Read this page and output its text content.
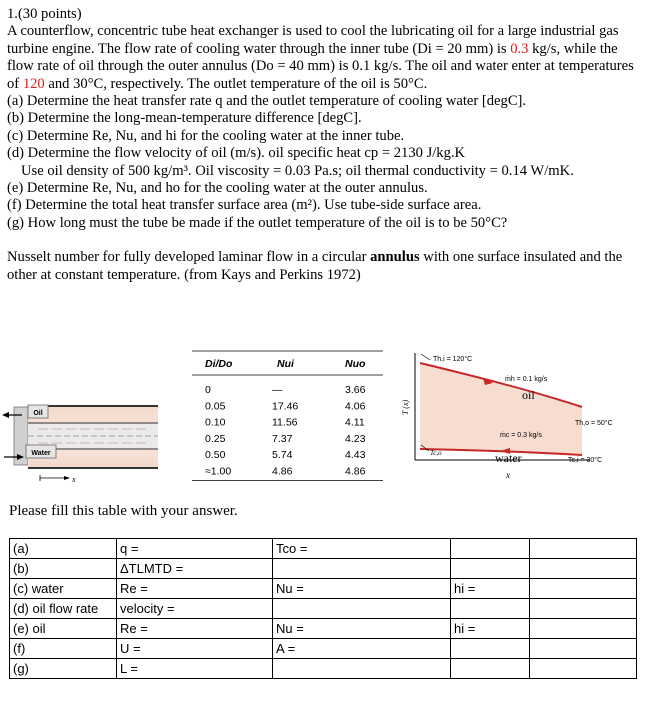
1.(30 points)

A counterflow, concentric tube heat exchanger is used to cool the lubricating oil for a large industrial gas turbine engine. The flow rate of cooling water through the inner tube (Di = 20 mm) is 0.3 kg/s, while the flow rate of oil through the outer annulus (Do = 40 mm) is 0.1 kg/s. The oil and water enter at temperatures of 120 and 30°C, respectively. The outlet temperature of the oil is 50°C.

(a) Determine the heat transfer rate q and the outlet temperature of cooling water [degC].

(b) Determine the long-mean-temperature difference [degC].

(c) Determine Re, Nu, and hi for the cooling water at the inner tube.

(d) Determine the flow velocity of oil (m/s). oil specific heat cp = 2130 J/kg.K

Use oil density of 500 kg/m³. Oil viscosity = 0.03 Pa.s; oil thermal conductivity = 0.14 W/mK.

(e) Determine Re, Nu, and ho for the cooling water at the outer annulus.

(f) Determine the total heat transfer surface area (m²). Use tube-side surface area.

(g) How long must the tube be made if the outlet temperature of the oil is to be 50°C?

Nusselt number for fully developed laminar flow in a circular annulus with one surface insulated and the other at constant temperature. (from Kays and Perkins 1972)

Oil
Water
x
Di/Do	Nui	Nuo
0	—	3.66
0.05	17.46	4.06
0.10	11.56	4.11
0.25	7.37	4.23
0.50	5.74	4.43
≈1.00	4.86	4.86
T (x)
Th,i = 120°C
ṁh = 0.1 kg/s
oil
Th,o = 50°C
ṁc = 0.3 kg/s
Tc,o	water	Tc,i = 30°C
x
Please fill this table with your answer.
(a)	q =	Tco =		
(b)	ΔTLMTD =			
(c) water	Re =	Nu =	hi =	
(d) oil flow rate	velocity =			
(e) oil	Re =	Nu =	hi =	
(f)	U =	A =		
(g)	L =			
